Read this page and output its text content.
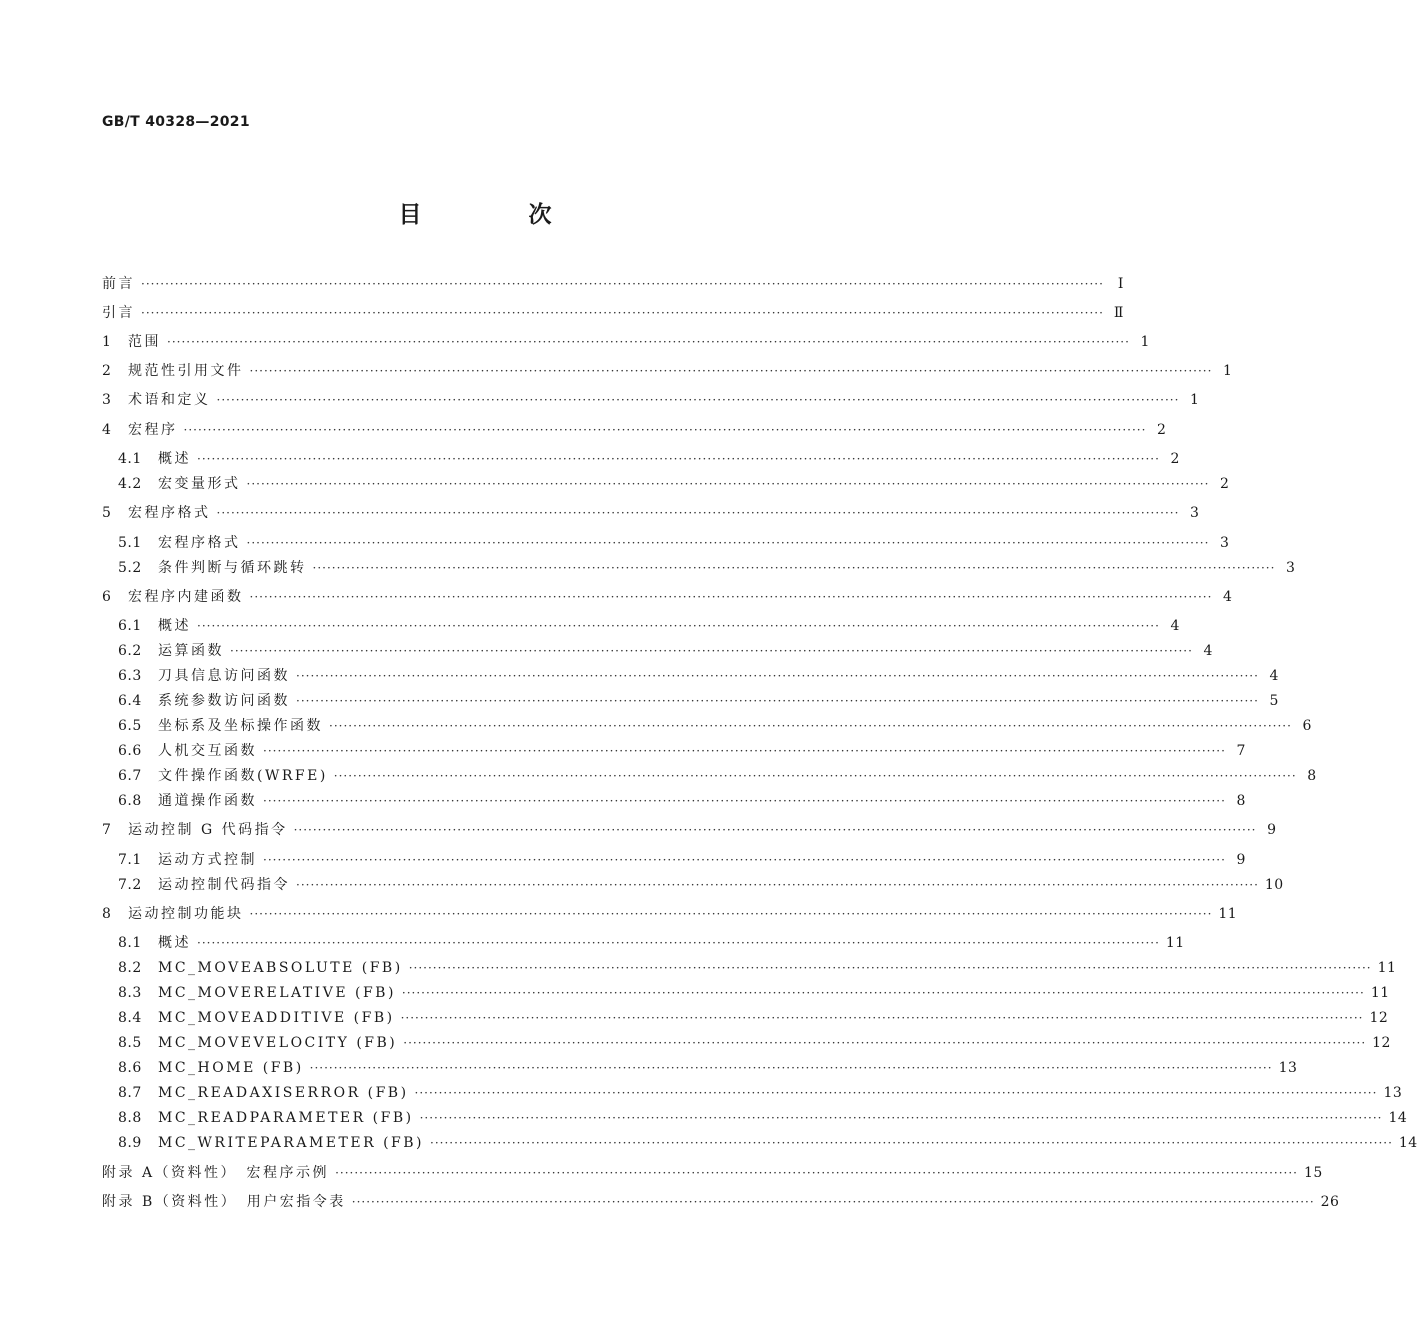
GB/T 40328—2021
目　次
前言 ········································································································································································································ Ⅰ
引言 ········································································································································································································ Ⅱ
1	范围 ········································································································································································································ 1
2	规范性引用文件 ········································································································································································································ 1
3	术语和定义 ········································································································································································································ 1
4	宏程序 ········································································································································································································ 2
4.1	概述 ········································································································································································································ 2
4.2	宏变量形式 ········································································································································································································ 2
5	宏程序格式 ········································································································································································································ 3
5.1	宏程序格式 ········································································································································································································ 3
5.2	条件判断与循环跳转 ········································································································································································································ 3
6	宏程序内建函数 ········································································································································································································ 4
6.1	概述 ········································································································································································································ 4
6.2	运算函数 ········································································································································································································ 4
6.3	刀具信息访问函数 ········································································································································································································ 4
6.4	系统参数访问函数 ········································································································································································································ 5
6.5	坐标系及坐标操作函数 ········································································································································································································ 6
6.6	人机交互函数 ········································································································································································································ 7
6.7	文件操作函数(WRFE) ········································································································································································································ 8
6.8	通道操作函数 ········································································································································································································ 8
7	运动控制 G 代码指令 ········································································································································································································ 9
7.1	运动方式控制 ········································································································································································································ 9
7.2	运动控制代码指令 ········································································································································································································ 10
8	运动控制功能块 ········································································································································································································ 11
8.1	概述 ········································································································································································································ 11
8.2	MC_MOVEABSOLUTE (FB) ········································································································································································································ 11
8.3	MC_MOVERELATIVE (FB) ········································································································································································································ 11
8.4	MC_MOVEADDITIVE (FB) ········································································································································································································ 12
8.5	MC_MOVEVELOCITY (FB) ········································································································································································································ 12
8.6	MC_HOME (FB) ········································································································································································································ 13
8.7	MC_READAXISERROR (FB) ········································································································································································································ 13
8.8	MC_READPARAMETER (FB) ········································································································································································································ 14
8.9	MC_WRITEPARAMETER (FB) ········································································································································································································ 14
附录 A（资料性）　宏程序示例 ········································································································································································································ 15
附录 B（资料性）　用户宏指令表 ········································································································································································································ 26
